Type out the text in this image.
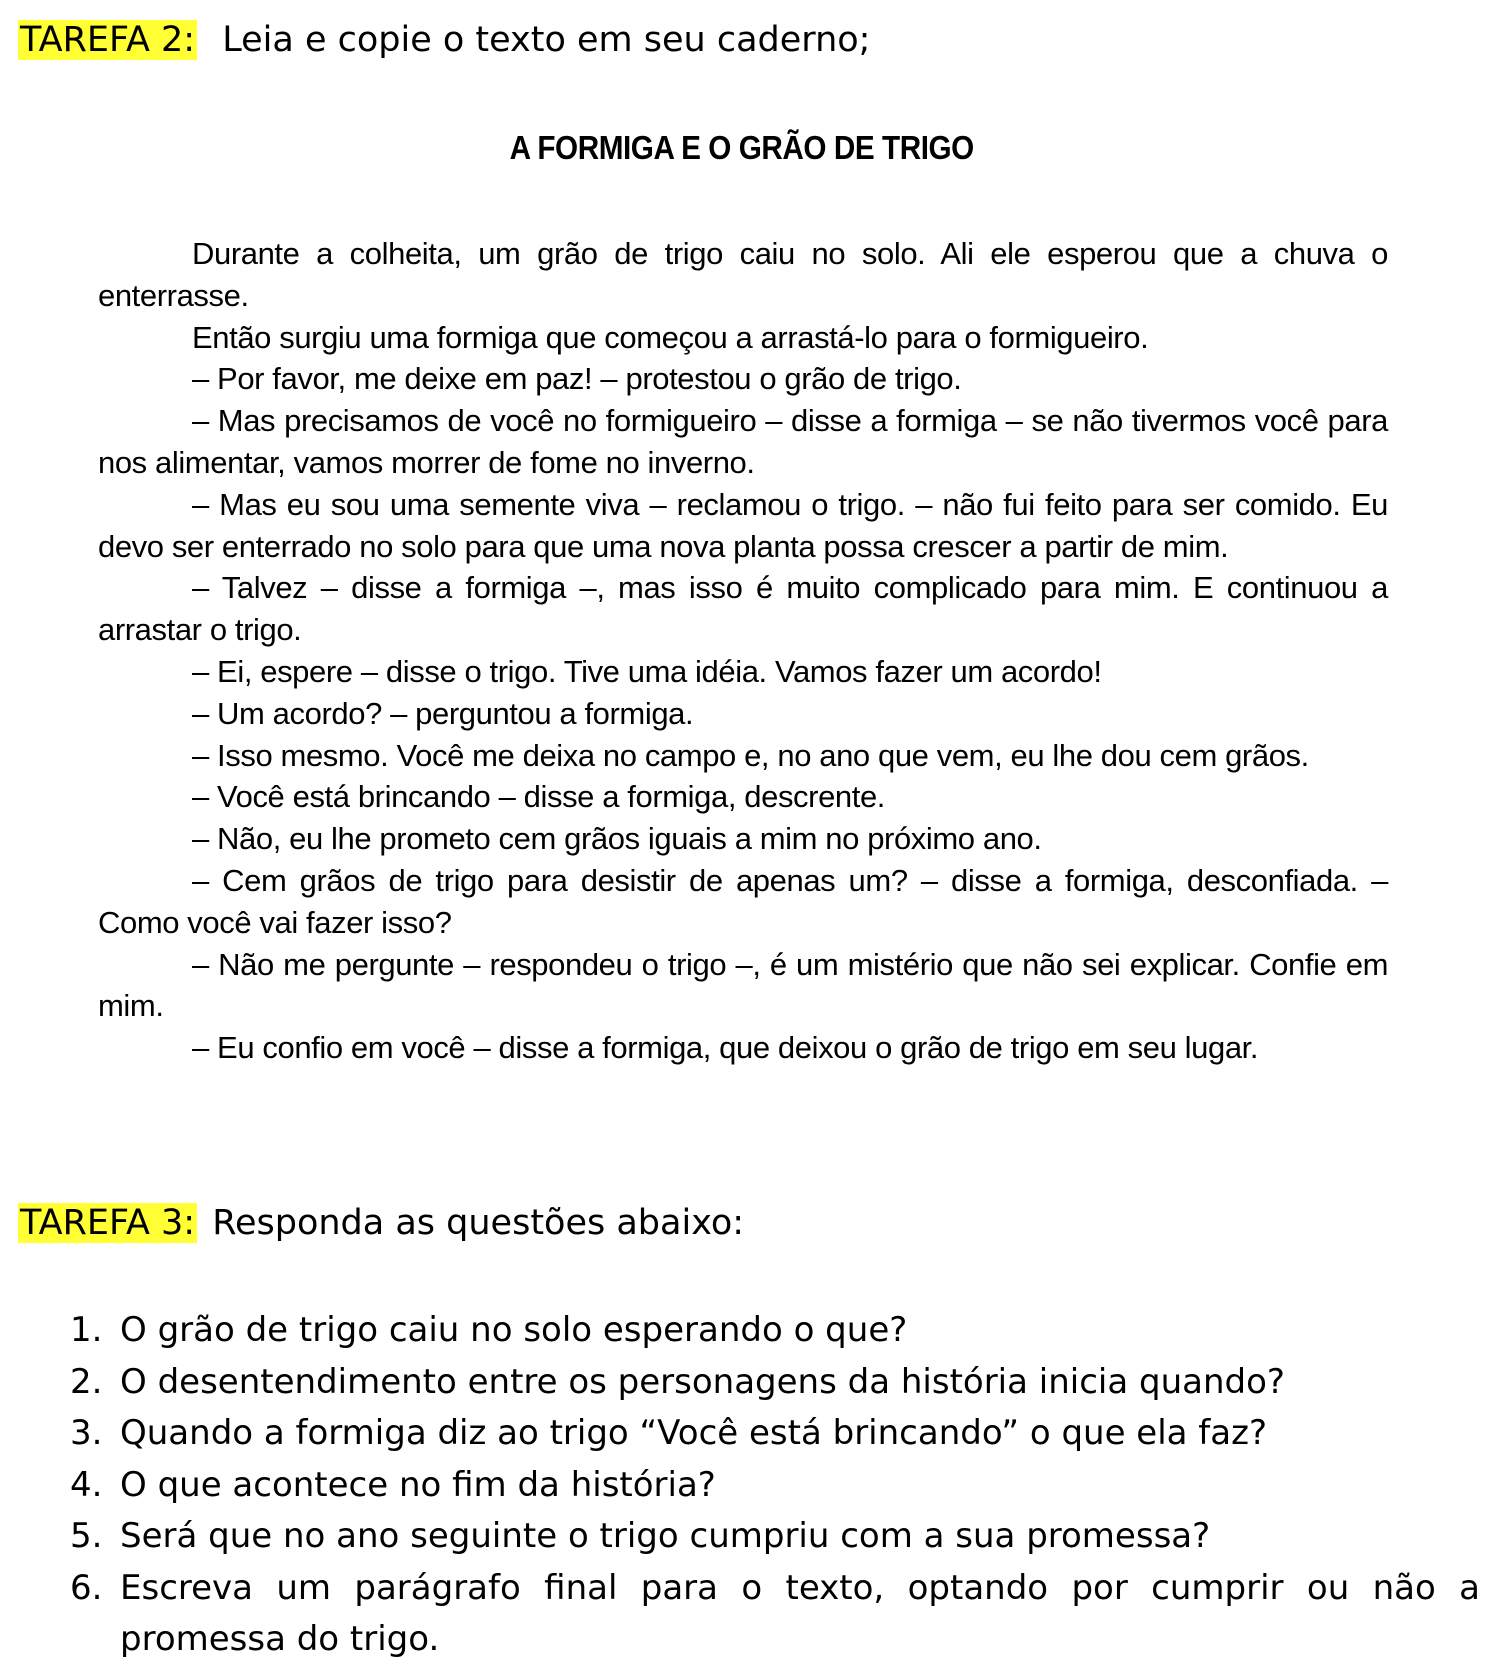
TAREFA 2: Leia e copie o texto em seu caderno;
A FORMIGA E O GRÃO DE TRIGO

Durante a colheita, um grão de trigo caiu no solo. Ali ele esperou que a chuva o enterrasse.

Então surgiu uma formiga que começou a arrastá-lo para o formigueiro.

– Por favor, me deixe em paz! – protestou o grão de trigo.

– Mas precisamos de você no formigueiro – disse a formiga – se não tivermos você para nos alimentar, vamos morrer de fome no inverno.

– Mas eu sou uma semente viva – reclamou o trigo. – não fui feito para ser comido. Eu devo ser enterrado no solo para que uma nova planta possa crescer a partir de mim.

– Talvez – disse a formiga –, mas isso é muito complicado para mim. E continuou a arrastar o trigo.

– Ei, espere – disse o trigo. Tive uma idéia. Vamos fazer um acordo!

– Um acordo? – perguntou a formiga.

– Isso mesmo. Você me deixa no campo e, no ano que vem, eu lhe dou cem grãos.

– Você está brincando – disse a formiga, descrente.

– Não, eu lhe prometo cem grãos iguais a mim no próximo ano.

– Cem grãos de trigo para desistir de apenas um? – disse a formiga, desconfiada. – Como você vai fazer isso?

– Não me pergunte – respondeu o trigo –, é um mistério que não sei explicar. Confie em mim.

– Eu confio em você – disse a formiga, que deixou o grão de trigo em seu lugar.

TAREFA 3: Responda as questões abaixo:
1. O grão de trigo caiu no solo esperando o que?
2. O desentendimento entre os personagens da história inicia quando?
3. Quando a formiga diz ao trigo “Você está brincando” o que ela faz?
4. O que acontece no fim da história?
5. Será que no ano seguinte o trigo cumpriu com a sua promessa?
6. Escreva um parágrafo final para o texto, optando por cumprir ou não a promessa do trigo.
